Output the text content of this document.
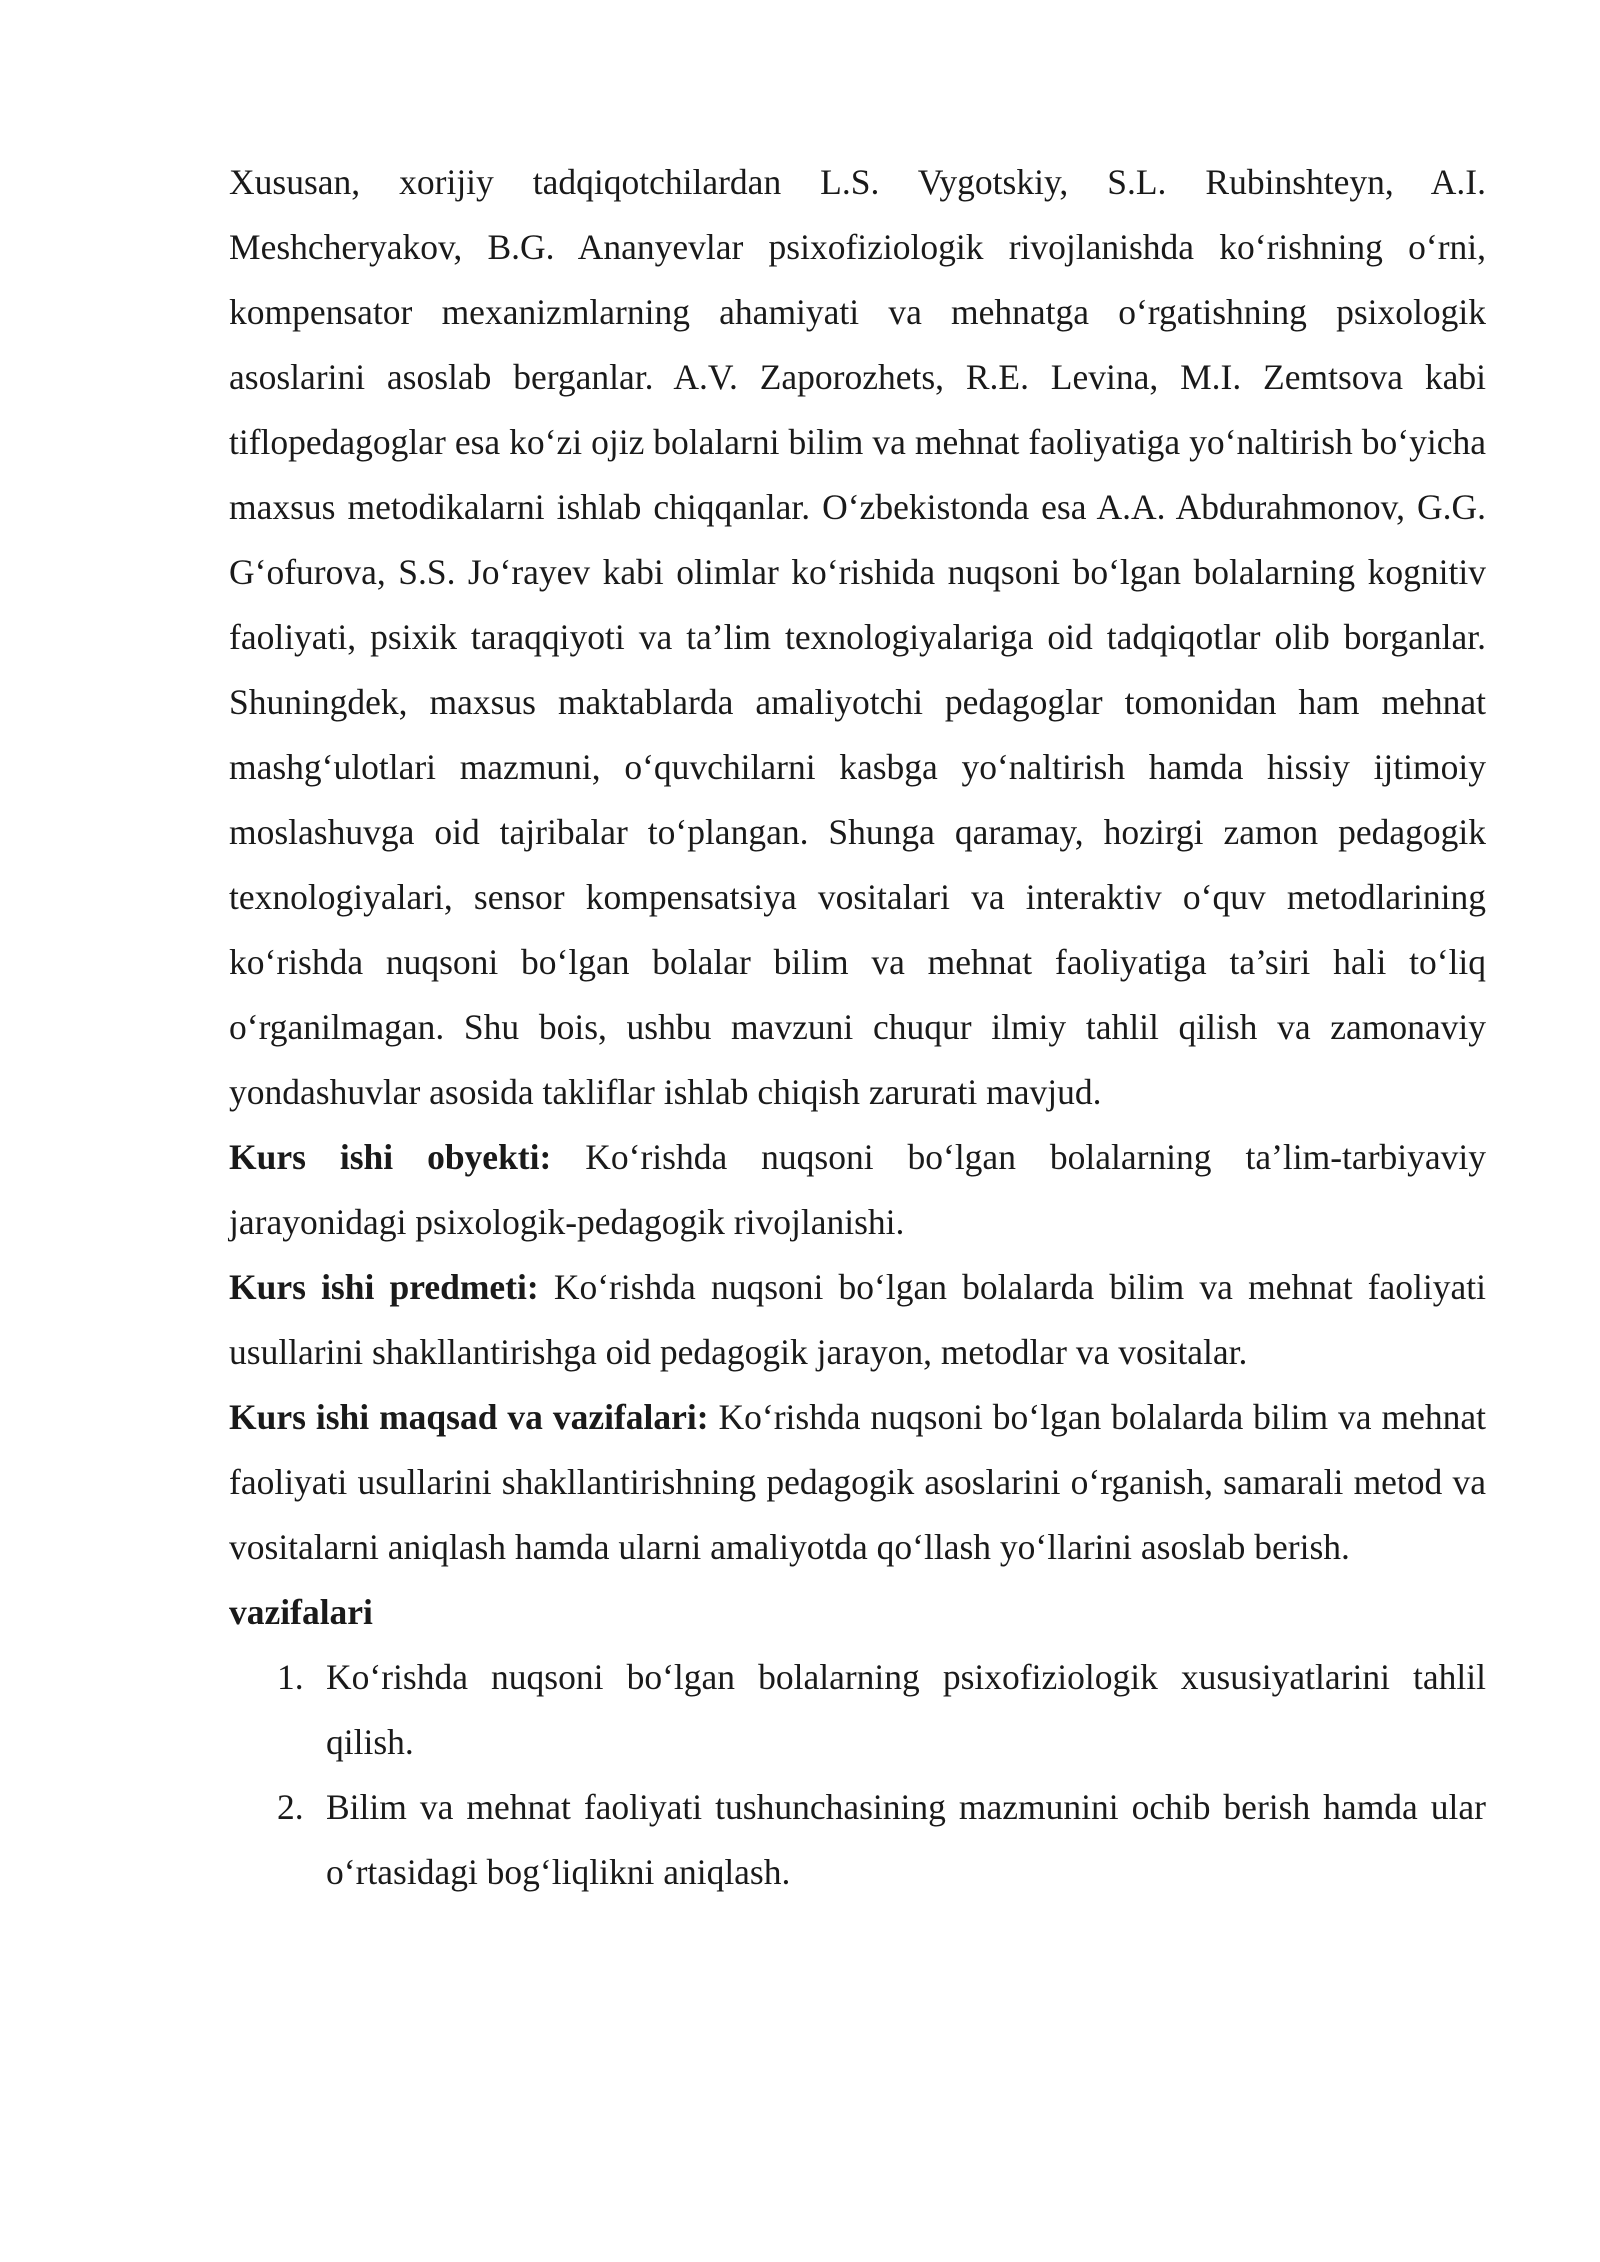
Xususan, xorijiy tadqiqotchilardan L.S. Vygotskiy, S.L. Rubinshteyn, A.I. Meshcheryakov, B.G. Ananyevlar psixofiziologik rivojlanishda ko‘rishning o‘rni, kompensator mexanizmlarning ahamiyati va mehnatga o‘rgatishning psixologik asoslarini asoslab berganlar. A.V. Zaporozhets, R.E. Levina, M.I. Zemtsova kabi tiflopedagoglar esa ko‘zi ojiz bolalarni bilim va mehnat faoliyatiga yo‘naltirish bo‘yicha maxsus metodikalarni ishlab chiqqanlar. O‘zbekistonda esa A.A. Abdurahmonov, G.G. G‘ofurova, S.S. Jo‘rayev kabi olimlar ko‘rishida nuqsoni bo‘lgan bolalarning kognitiv faoliyati, psixik taraqqiyoti va ta’lim texnologiyalariga oid tadqiqotlar olib borganlar. Shuningdek, maxsus maktablarda amaliyotchi pedagoglar tomonidan ham mehnat mashg‘ulotlari mazmuni, o‘quvchilarni kasbga yo‘naltirish hamda hissiy ijtimoiy moslashuvga oid tajribalar to‘plangan. Shunga qaramay, hozirgi zamon pedagogik texnologiyalari, sensor kompensatsiya vositalari va interaktiv o‘quv metodlarining ko‘rishda nuqsoni bo‘lgan bolalar bilim va mehnat faoliyatiga ta’siri hali to‘liq o‘rganilmagan. Shu bois, ushbu mavzuni chuqur ilmiy tahlil qilish va zamonaviy yondashuvlar asosida takliflar ishlab chiqish zarurati mavjud.

Kurs ishi obyekti: Ko‘rishda nuqsoni bo‘lgan bolalarning ta’lim-tarbiyaviy jarayonidagi psixologik-pedagogik rivojlanishi.

Kurs ishi predmeti: Ko‘rishda nuqsoni bo‘lgan bolalarda bilim va mehnat faoliyati usullarini shakllantirishga oid pedagogik jarayon, metodlar va vositalar.

Kurs ishi maqsad va vazifalari: Ko‘rishda nuqsoni bo‘lgan bolalarda bilim va mehnat faoliyati usullarini shakllantirishning pedagogik asoslarini o‘rganish, samarali metod va vositalarni aniqlash hamda ularni amaliyotda qo‘llash yo‘llarini asoslab berish.

vazifalari

1. Ko‘rishda nuqsoni bo‘lgan bolalarning psixofiziologik xususiyatlarini tahlil qilish.
2. Bilim va mehnat faoliyati tushunchasining mazmunini ochib berish hamda ular o‘rtasidagi bog‘liqlikni aniqlash.
